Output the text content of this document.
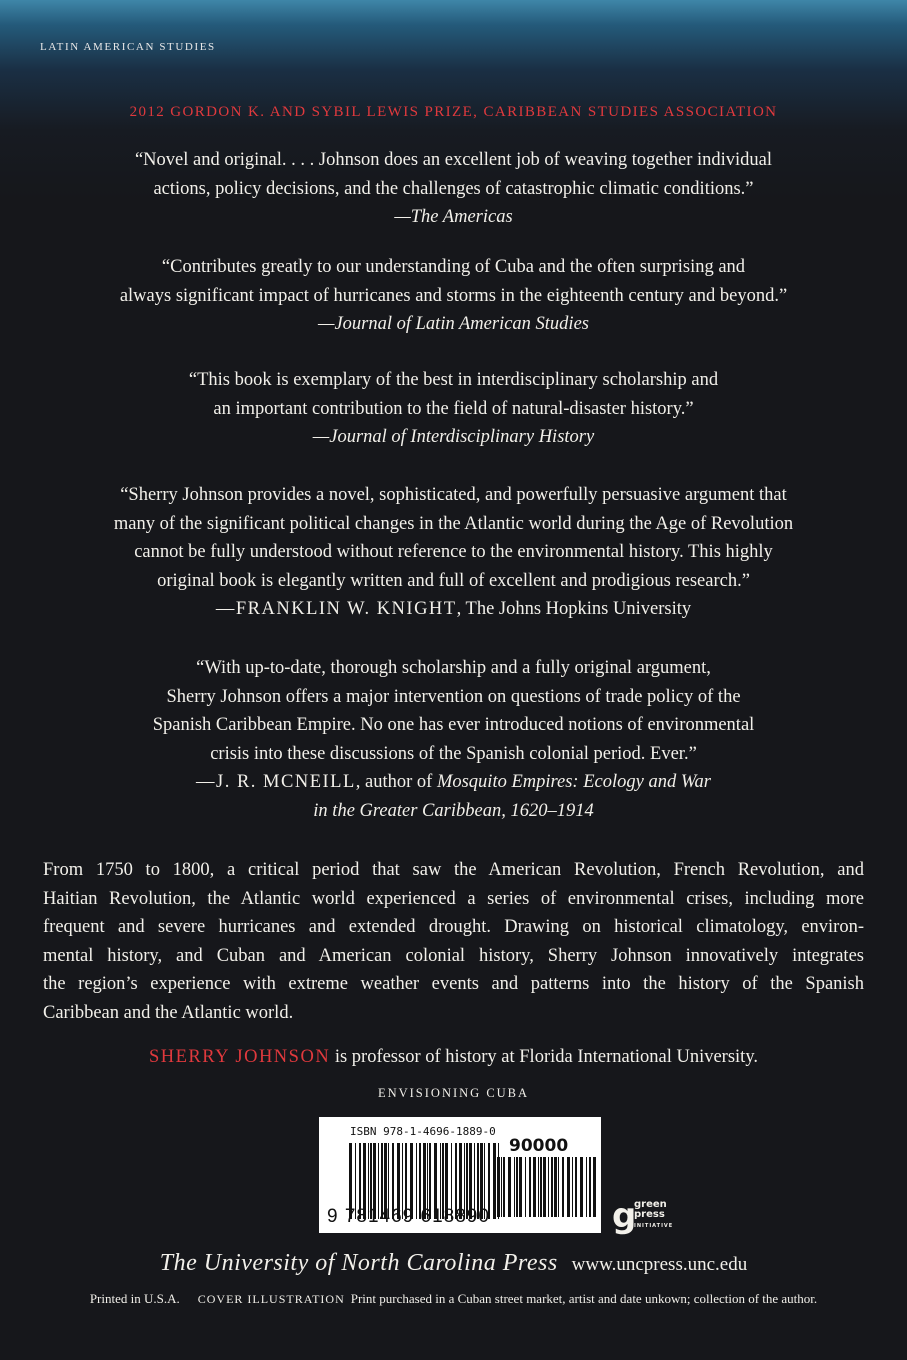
LATIN AMERICAN STUDIES
2012 GORDON K. AND SYBIL LEWIS PRIZE, CARIBBEAN STUDIES ASSOCIATION
“Novel and original. . . . Johnson does an excellent job of weaving together individual
actions, policy decisions, and the challenges of catastrophic climatic conditions.”
—The Americas
“Contributes greatly to our understanding of Cuba and the often surprising and
always significant impact of hurricanes and storms in the eighteenth century and beyond.”
—Journal of Latin American Studies
“This book is exemplary of the best in interdisciplinary scholarship and
an important contribution to the field of natural-disaster history.”
—Journal of Interdisciplinary History
“Sherry Johnson provides a novel, sophisticated, and powerfully persuasive argument that
many of the significant political changes in the Atlantic world during the Age of Revolution
cannot be fully understood without reference to the environmental history. This highly
original book is elegantly written and full of excellent and prodigious research.”
—FRANKLIN W. KNIGHT, The Johns Hopkins University
“With up-to-date, thorough scholarship and a fully original argument,
Sherry Johnson offers a major intervention on questions of trade policy of the
Spanish Caribbean Empire. No one has ever introduced notions of environmental
crisis into these discussions of the Spanish colonial period. Ever.”
—J. R. MCNEILL, author of Mosquito Empires: Ecology and War
in the Greater Caribbean, 1620–1914
From 1750 to 1800, a critical period that saw the American Revolution, French Revolution, and
Haitian Revolution, the Atlantic world experienced a series of environmental crises, including more
frequent and severe hurricanes and extended drought. Drawing on historical climatology, environ-
mental history, and Cuban and American colonial history, Sherry Johnson innovatively integrates
the region’s experience with extreme weather events and patterns into the history of the Spanish
Caribbean and the Atlantic world.
SHERRY JOHNSON is professor of history at Florida International University.
ENVISIONING CUBA
ISBN 978-1-4696-1889-0
90000
9 781469 618890	g
green
press
INITIATIVE
The University of North Carolina Press www.uncpress.unc.edu
Printed in U.S.A. COVER ILLUSTRATION Print purchased in a Cuban street market, artist and date unkown; collection of the author.
